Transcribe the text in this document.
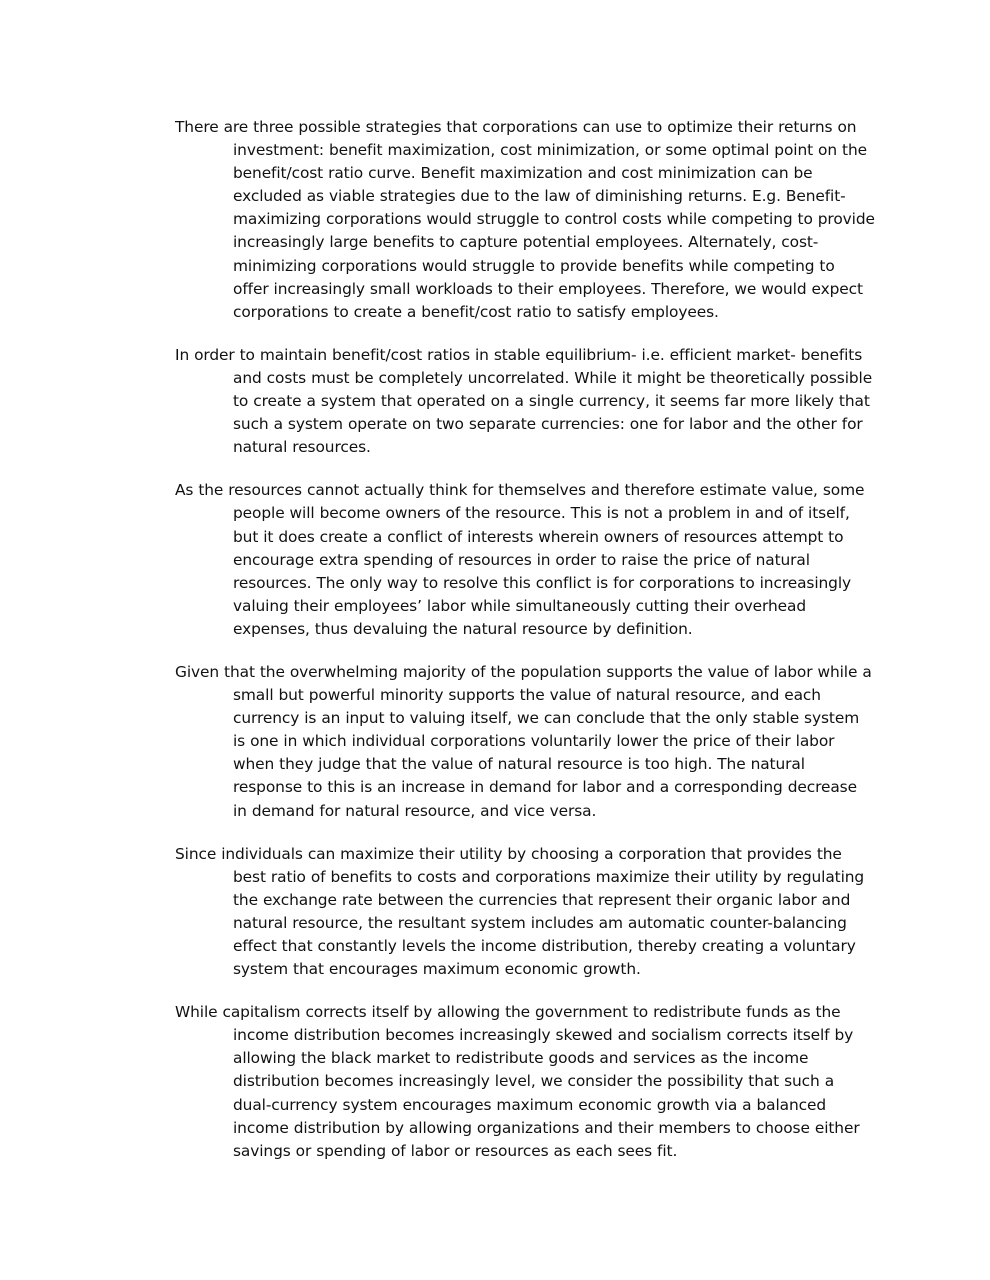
There are three possible strategies that corporations can use to optimize their returns on investment: benefit maximization, cost minimization, or some optimal point on the benefit/cost ratio curve. Benefit maximization and cost minimization can be excluded as viable strategies due to the law of diminishing returns. E.g. Benefit-maximizing corporations would struggle to control costs while competing to provide increasingly large benefits to capture potential employees. Alternately, cost-minimizing corporations would struggle to provide benefits while competing to offer increasingly small workloads to their employees. Therefore, we would expect corporations to create a benefit/cost ratio to satisfy employees.

In order to maintain benefit/cost ratios in stable equilibrium- i.e. efficient market- benefits and costs must be completely uncorrelated. While it might be theoretically possible to create a system that operated on a single currency, it seems far more likely that such a system operate on two separate currencies: one for labor and the other for natural resources.

As the resources cannot actually think for themselves and therefore estimate value, some people will become owners of the resource. This is not a problem in and of itself, but it does create a conflict of interests wherein owners of resources attempt to encourage extra spending of resources in order to raise the price of natural resources. The only way to resolve this conflict is for corporations to increasingly valuing their employees’ labor while simultaneously cutting their overhead expenses, thus devaluing the natural resource by definition.

Given that the overwhelming majority of the population supports the value of labor while a small but powerful minority supports the value of natural resource, and each currency is an input to valuing itself, we can conclude that the only stable system is one in which individual corporations voluntarily lower the price of their labor when they judge that the value of natural resource is too high. The natural response to this is an increase in demand for labor and a corresponding decrease in demand for natural resource, and vice versa.

Since individuals can maximize their utility by choosing a corporation that provides the best ratio of benefits to costs and corporations maximize their utility by regulating the exchange rate between the currencies that represent their organic labor and natural resource, the resultant system includes am automatic counter-balancing effect that constantly levels the income distribution, thereby creating a voluntary system that encourages maximum economic growth.

While capitalism corrects itself by allowing the government to redistribute funds as the income distribution becomes increasingly skewed and socialism corrects itself by allowing the black market to redistribute goods and services as the income distribution becomes increasingly level, we consider the possibility that such a dual-currency system encourages maximum economic growth via a balanced income distribution by allowing organizations and their members to choose either savings or spending of labor or resources as each sees fit.
